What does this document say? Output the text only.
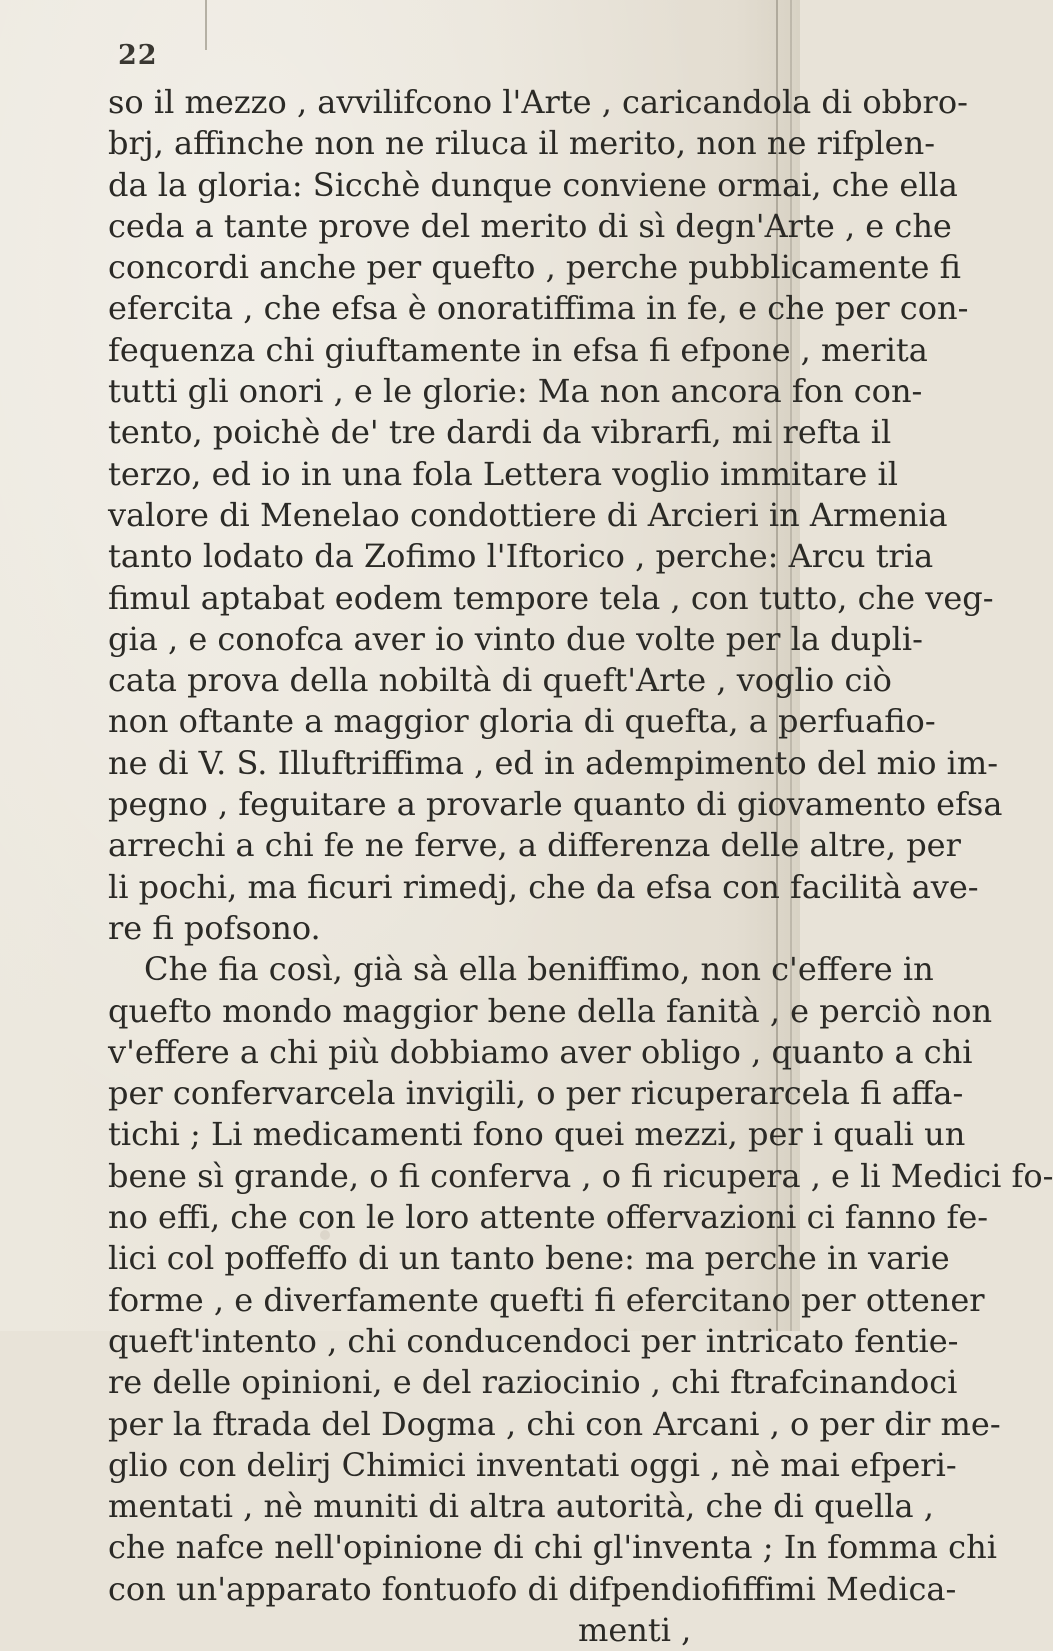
22
so il mezzo , avvilifcono l'Arte , caricandola di obbro-
brj, affinche non ne riluca il merito, non ne rifplen-
da la gloria: Sicchè dunque conviene ormai, che ella
ceda a tante prove del merito di sì degn'Arte , e che
concordi anche per quefto , perche pubblicamente fi
efercita , che efsa è onoratiffima in fe, e che per con-
fequenza chi giuftamente in efsa fi efpone , merita
tutti gli onori , e le glorie: Ma non ancora fon con-
tento, poichè de' tre dardi da vibrarfi, mi refta il
terzo, ed io in una fola Lettera voglio immitare il
valore di Menelao condottiere di Arcieri in Armenia
tanto lodato da Zofimo l'Iftorico , perche: Arcu tria
fimul aptabat eodem tempore tela , con tutto, che veg-
gia , e conofca aver io vinto due volte per la dupli-
cata prova della nobiltà di queft'Arte , voglio ciò
non oftante a maggior gloria di quefta, a perfuafio-
ne di V. S. Illuftriffima , ed in adempimento del mio im-
pegno , feguitare a provarle quanto di giovamento efsa
arrechi a chi fe ne ferve, a differenza delle altre, per
li pochi, ma ficuri rimedj, che da efsa con facilità ave-
re fi pofsono.
Che fia così, già sà ella beniffimo, non c'effere in
quefto mondo maggior bene della fanità , e perciò non
v'effere a chi più dobbiamo aver obligo , quanto a chi
per confervarcela invigili, o per ricuperarcela fi affa-
tichi ; Li medicamenti fono quei mezzi, per i quali un
bene sì grande, o fi conferva , o fi ricupera , e li Medici fo-
no effi, che con le loro attente offervazioni ci fanno fe-
lici col poffeffo di un tanto bene: ma perche in varie
forme , e diverfamente quefti fi efercitano per ottener
queft'intento , chi conducendoci per intricato fentie-
re delle opinioni, e del raziocinio , chi ftrafcinandoci
per la ftrada del Dogma , chi con Arcani , o per dir me-
glio con delirj Chimici inventati oggi , nè mai efperi-
mentati , nè muniti di altra autorità, che di quella ,
che nafce nell'opinione di chi gl'inventa ; In fomma chi
con un'apparato fontuofo di difpendiofiffimi Medica-
menti ,
